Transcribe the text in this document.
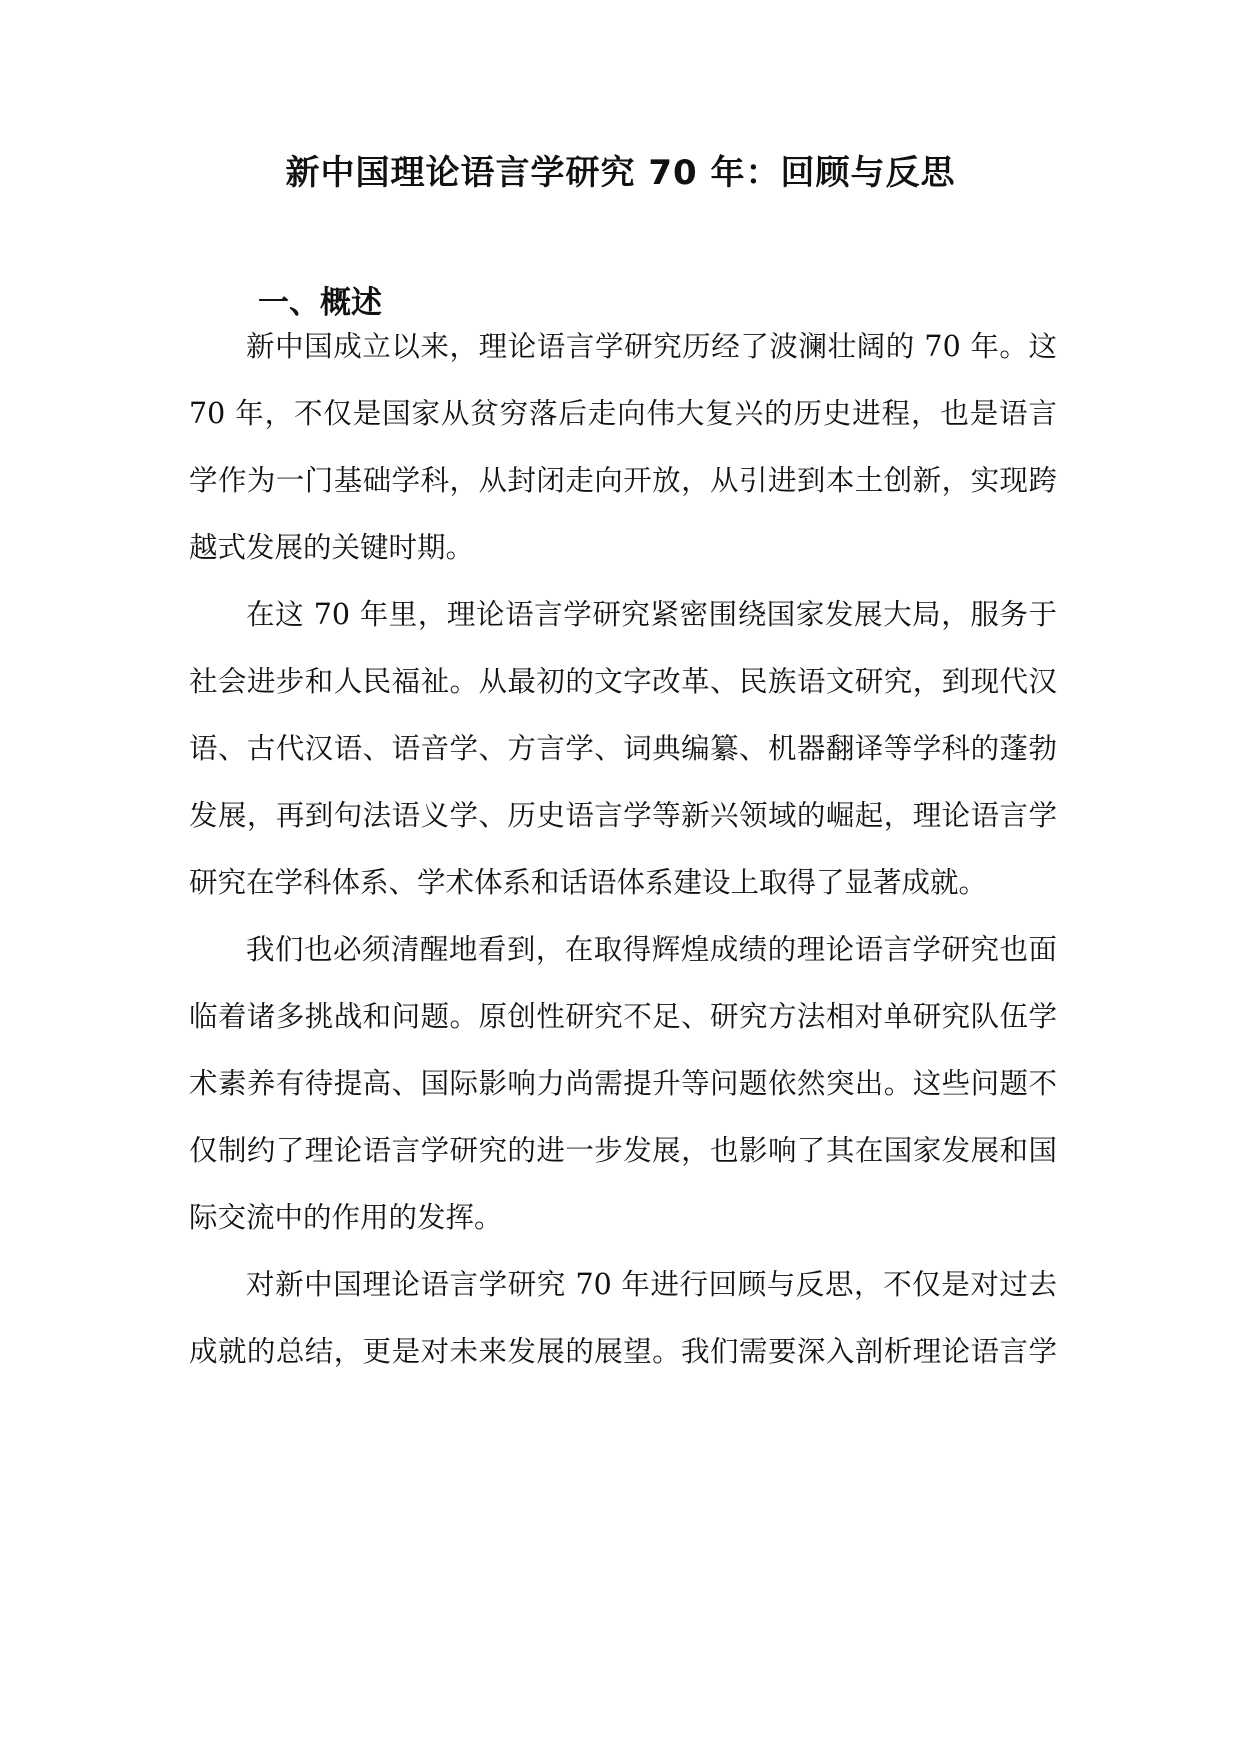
新中国理论语言学研究 70 年：回顾与反思
一、概述
新中国成立以来，理论语言学研究历经了波澜壮阔的 70 年。这
70 年，不仅是国家从贫穷落后走向伟大复兴的历史进程，也是语言
学作为一门基础学科，从封闭走向开放，从引进到本土创新，实现跨
越式发展的关键时期。
在这 70 年里，理论语言学研究紧密围绕国家发展大局，服务于
社会进步和人民福祉。从最初的文字改革、民族语文研究，到现代汉
语、古代汉语、语音学、方言学、词典编纂、机器翻译等学科的蓬勃
发展，再到句法语义学、历史语言学等新兴领域的崛起，理论语言学
研究在学科体系、学术体系和话语体系建设上取得了显著成就。
我们也必须清醒地看到，在取得辉煌成绩的理论语言学研究也面
临着诸多挑战和问题。原创性研究不足、研究方法相对单研究队伍学
术素养有待提高、国际影响力尚需提升等问题依然突出。这些问题不
仅制约了理论语言学研究的进一步发展，也影响了其在国家发展和国
际交流中的作用的发挥。
对新中国理论语言学研究 70 年进行回顾与反思，不仅是对过去
成就的总结，更是对未来发展的展望。我们需要深入剖析理论语言学
